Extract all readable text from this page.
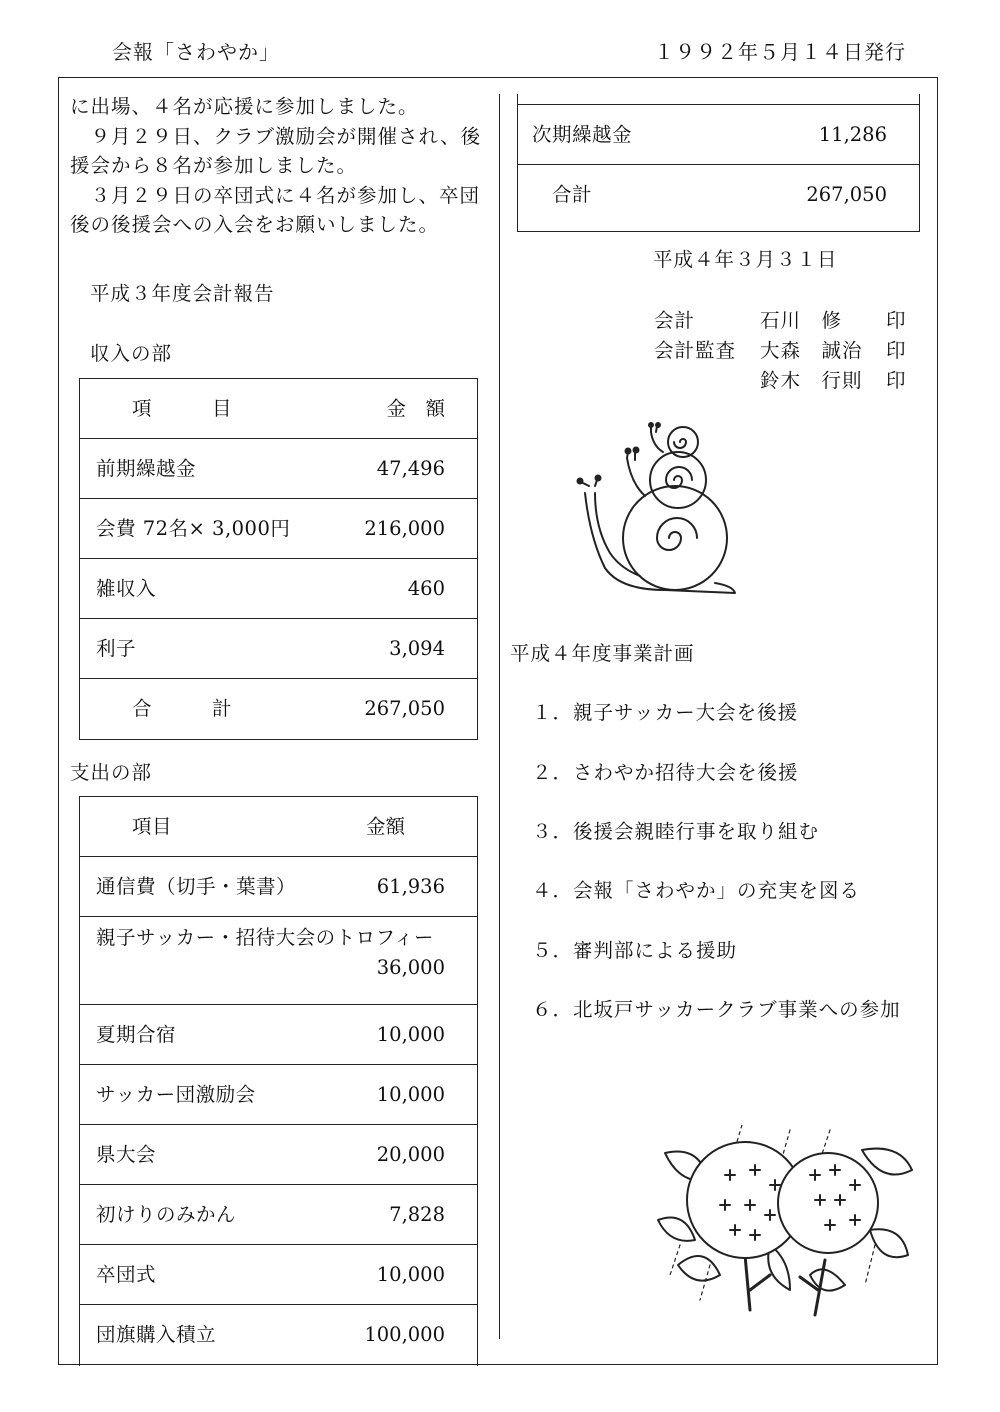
会報「さわやか」	１９９２年５月１４日発行

に出場、４名が応援に参加しました。

　９月２９日、クラブ激励会が開催され、後

援会から８名が参加しました。

　３月２９日の卒団式に４名が参加し、卒団

後の後援会への入会をお願いしました。

平成３年度会計報告
収入の部
項　　　目	金　額
前期繰越金	47,496
会費 72名× 3,000円	216,000
雑収入	460
利子	3,094
合　　　計	267,050
支出の部
項目	金額
通信費（切手・葉書）	61,936
親子サッカー・招待大会のトロフィー
36,000
夏期合宿	10,000
サッカー団激励会	10,000
県大会	20,000
初けりのみかん	7,828
卒団式	10,000
団旗購入積立	100,000
次期繰越金	11,286
合計	267,050
平成４年３月３１日
会計	石川　修 印
会計監査 大森　誠治 印
鈴木　行則 印
平成４年度事業計画
１．親子サッカー大会を後援
２．さわやか招待大会を後援
３．後援会親睦行事を取り組む
４．会報「さわやか」の充実を図る
５．審判部による援助
６．北坂戸サッカークラブ事業への参加
